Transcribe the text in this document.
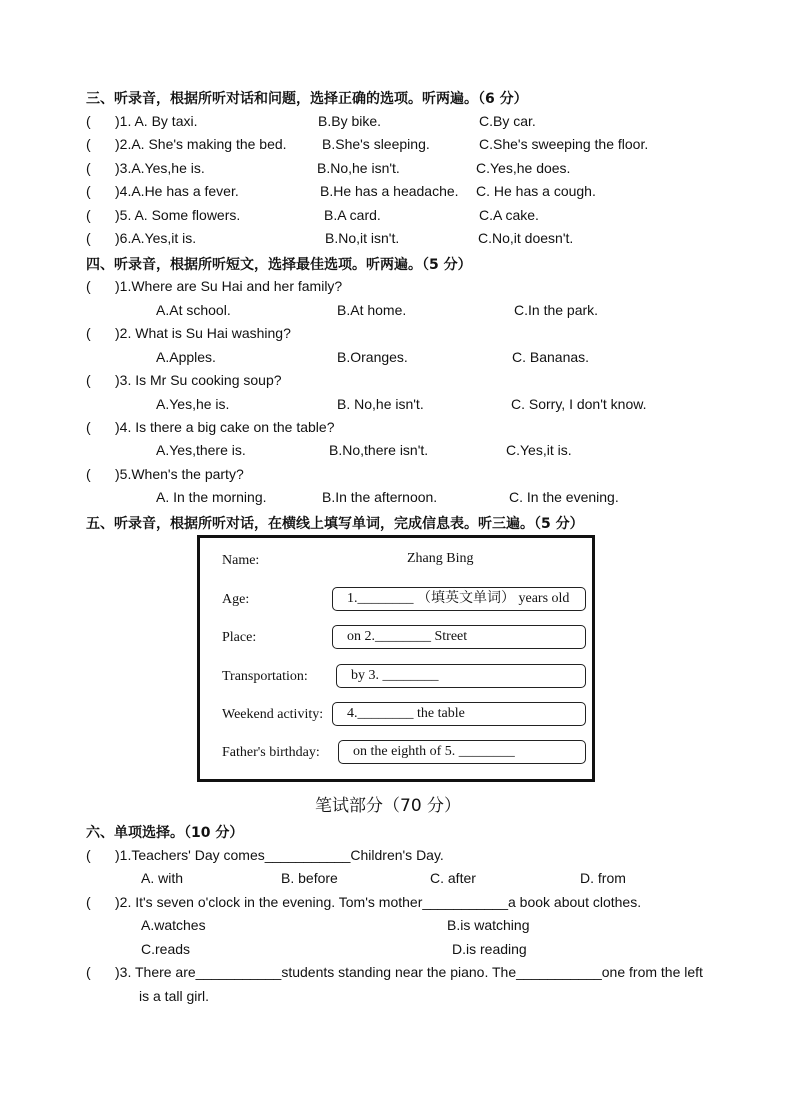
三、听录音，根据所听对话和问题，选择正确的选项。听两遍。（6 分）
( )1. A. By taxi.	B.By bike.	C.By car.
( )2.A. She's making the bed.	B.She's sleeping.	C.She's sweeping the floor.
( )3.A.Yes,he is.	B.No,he isn't.	C.Yes,he does.
( )4.A.He has a fever.	B.He has a headache. C. He has a cough.
( )5. A. Some flowers.	B.A card.	C.A cake.
( )6.A.Yes,it is.	B.No,it isn't.	C.No,it doesn't.
四、听录音，根据所听短文，选择最佳选项。听两遍。（5 分）
( )1.Where are Su Hai and her family?
A.At school.	B.At home.	C.In the park.
( )2. What is Su Hai washing?
A.Apples.	B.Oranges.	C. Bananas.
( )3. Is Mr Su cooking soup?
A.Yes,he is.	B. No,he isn't.	C. Sorry, I don't know.
( )4. Is there a big cake on the table?
A.Yes,there is.	B.No,there isn't.	C.Yes,it is.
( )5.When's the party?
A. In the morning.	B.In the afternoon.	C. In the evening.
五、听录音，根据所听对话，在横线上填写单词，完成信息表。听三遍。（5 分）
Name:	Zhang Bing
Age:	1.________ （填英文单词） years old
Place:	on 2.________ Street
Transportation:	by 3. ________
Weekend activity:	4.________ the table
Father's birthday:	on the eighth of 5. ________
笔试部分（70 分）
六、单项选择。（10 分）
( )1.Teachers' Day comes___________Children's Day.
A. with	B. before	C. after	D. from
( )2. It's seven o'clock in the evening. Tom's mother___________a book about clothes.
A.watches	B.is watching
C.reads	D.is reading
( )3. There are___________students standing near the piano. The___________one from the left
is a tall girl.
